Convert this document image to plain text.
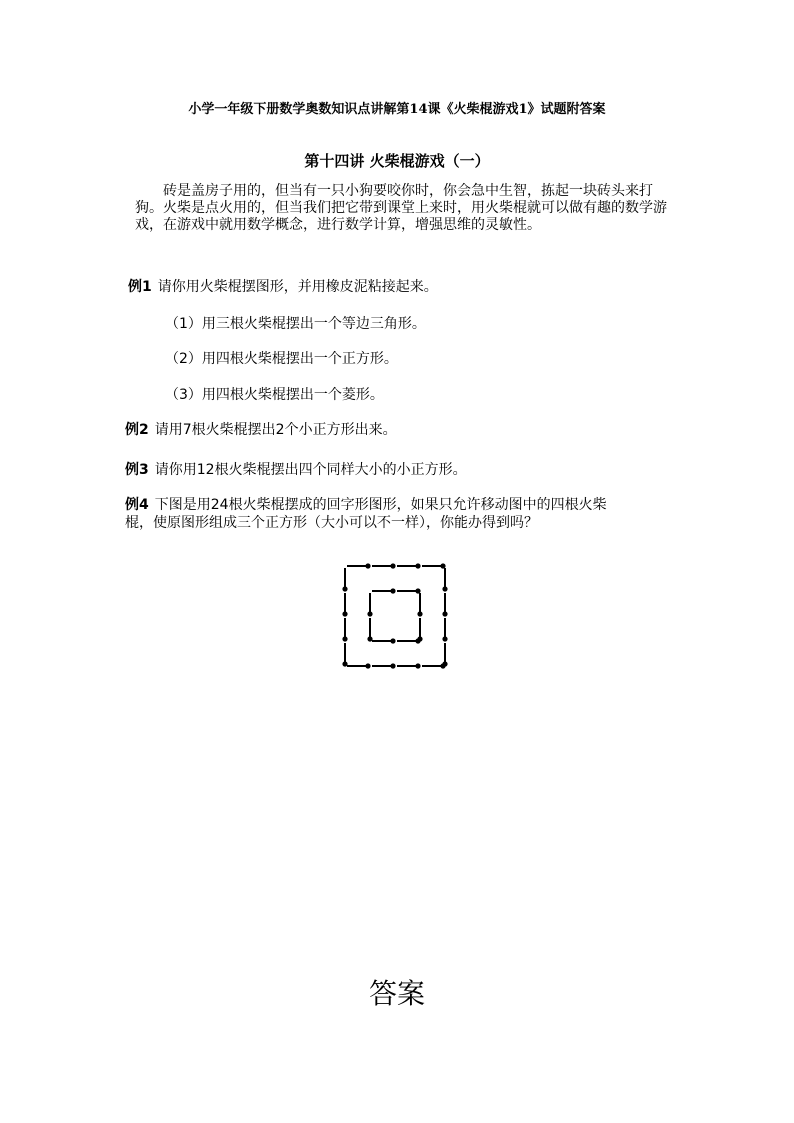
小学一年级下册数学奥数知识点讲解第14课《火柴棍游戏1》试题附答案
第十四讲 火柴棍游戏（一）
砖是盖房子用的，但当有一只小狗要咬你时，你会急中生智，拣起一块砖头来打狗。火柴是点火用的，但当我们把它带到课堂上来时，用火柴棍就可以做有趣的数学游戏，在游戏中就用数学概念，进行数学计算，增强思维的灵敏性。
例1 请你用火柴棍摆图形，并用橡皮泥粘接起来。
（1）用三根火柴棍摆出一个等边三角形。
（2）用四根火柴棍摆出一个正方形。
（3）用四根火柴棍摆出一个菱形。
例2 请用7根火柴棍摆出2个小正方形出来。
例3 请你用12根火柴棍摆出四个同样大小的小正方形。
例4 下图是用24根火柴棍摆成的回字形图形，如果只允许移动图中的四根火柴
棍，使原图形组成三个正方形（大小可以不一样），你能办得到吗？
答案
